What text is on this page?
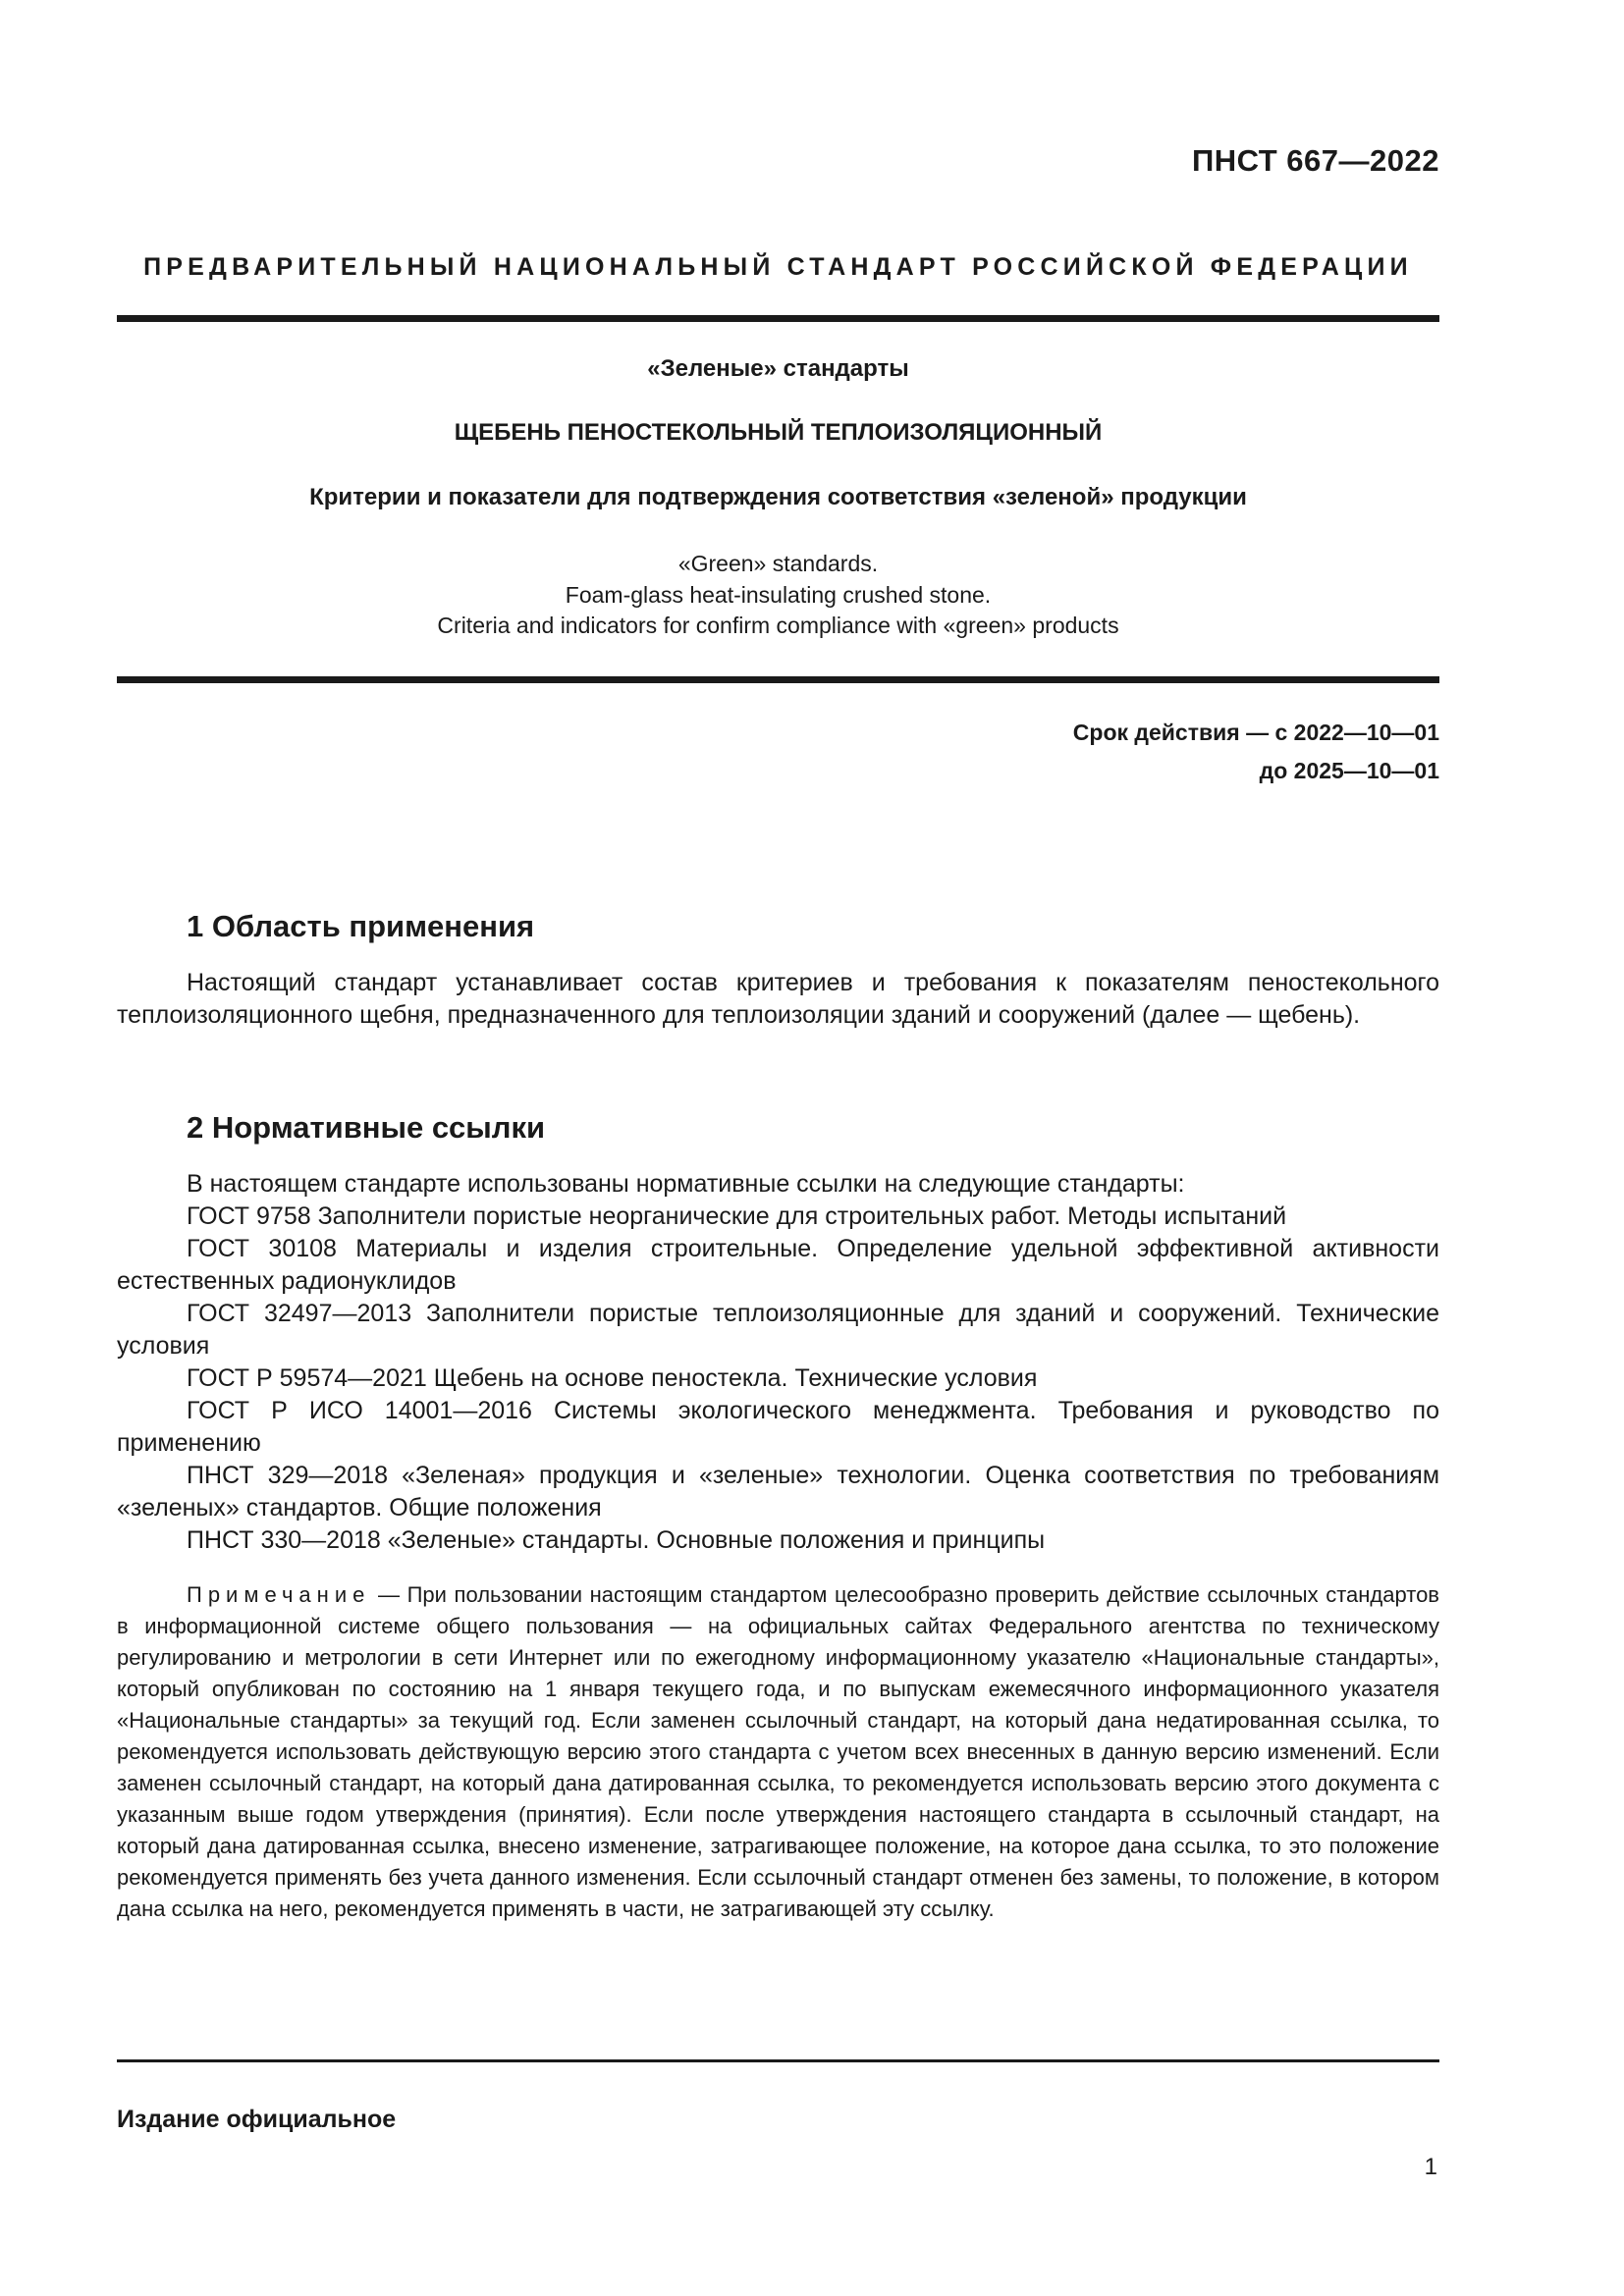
ПНСТ 667—2022
ПРЕДВАРИТЕЛЬНЫЙ НАЦИОНАЛЬНЫЙ СТАНДАРТ РОССИЙСКОЙ ФЕДЕРАЦИИ
«Зеленые» стандарты
ЩЕБЕНЬ ПЕНОСТЕКОЛЬНЫЙ ТЕПЛОИЗОЛЯЦИОННЫЙ
Критерии и показатели для подтверждения соответствия «зеленой» продукции
«Green» standards.
Foam-glass heat-insulating crushed stone.
Criteria and indicators for confirm compliance with «green» products
Срок действия — с 2022—10—01
до 2025—10—01
1 Область применения

Настоящий стандарт устанавливает состав критериев и требования к показателям пеностекольного теплоизоляционного щебня, предназначенного для теплоизоляции зданий и сооружений (далее — щебень).

2 Нормативные ссылки

В настоящем стандарте использованы нормативные ссылки на следующие стандарты:

ГОСТ 9758 Заполнители пористые неорганические для строительных работ. Методы испытаний

ГОСТ 30108 Материалы и изделия строительные. Определение удельной эффективной активности естественных радионуклидов

ГОСТ 32497—2013 Заполнители пористые теплоизоляционные для зданий и сооружений. Технические условия

ГОСТ Р 59574—2021 Щебень на основе пеностекла. Технические условия

ГОСТ Р ИСО 14001—2016 Системы экологического менеджмента. Требования и руководство по применению

ПНСТ 329—2018 «Зеленая» продукция и «зеленые» технологии. Оценка соответствия по требованиям «зеленых» стандартов. Общие положения

ПНСТ 330—2018 «Зеленые» стандарты. Основные положения и принципы

Примечание — При пользовании настоящим стандартом целесообразно проверить действие ссылочных стандартов в информационной системе общего пользования — на официальных сайтах Федерального агентства по техническому регулированию и метрологии в сети Интернет или по ежегодному информационному указателю «Национальные стандарты», который опубликован по состоянию на 1 января текущего года, и по выпускам ежемесячного информационного указателя «Национальные стандарты» за текущий год. Если заменен ссылочный стандарт, на который дана недатированная ссылка, то рекомендуется использовать действующую версию этого стандарта с учетом всех внесенных в данную версию изменений. Если заменен ссылочный стандарт, на который дана датированная ссылка, то рекомендуется использовать версию этого документа с указанным выше годом утверждения (принятия). Если после утверждения настоящего стандарта в ссылочный стандарт, на который дана датированная ссылка, внесено изменение, затрагивающее положение, на которое дана ссылка, то это положение рекомендуется применять без учета данного изменения. Если ссылочный стандарт отменен без замены, то положение, в котором дана ссылка на него, рекомендуется применять в части, не затрагивающей эту ссылку.

Издание официальное
1
